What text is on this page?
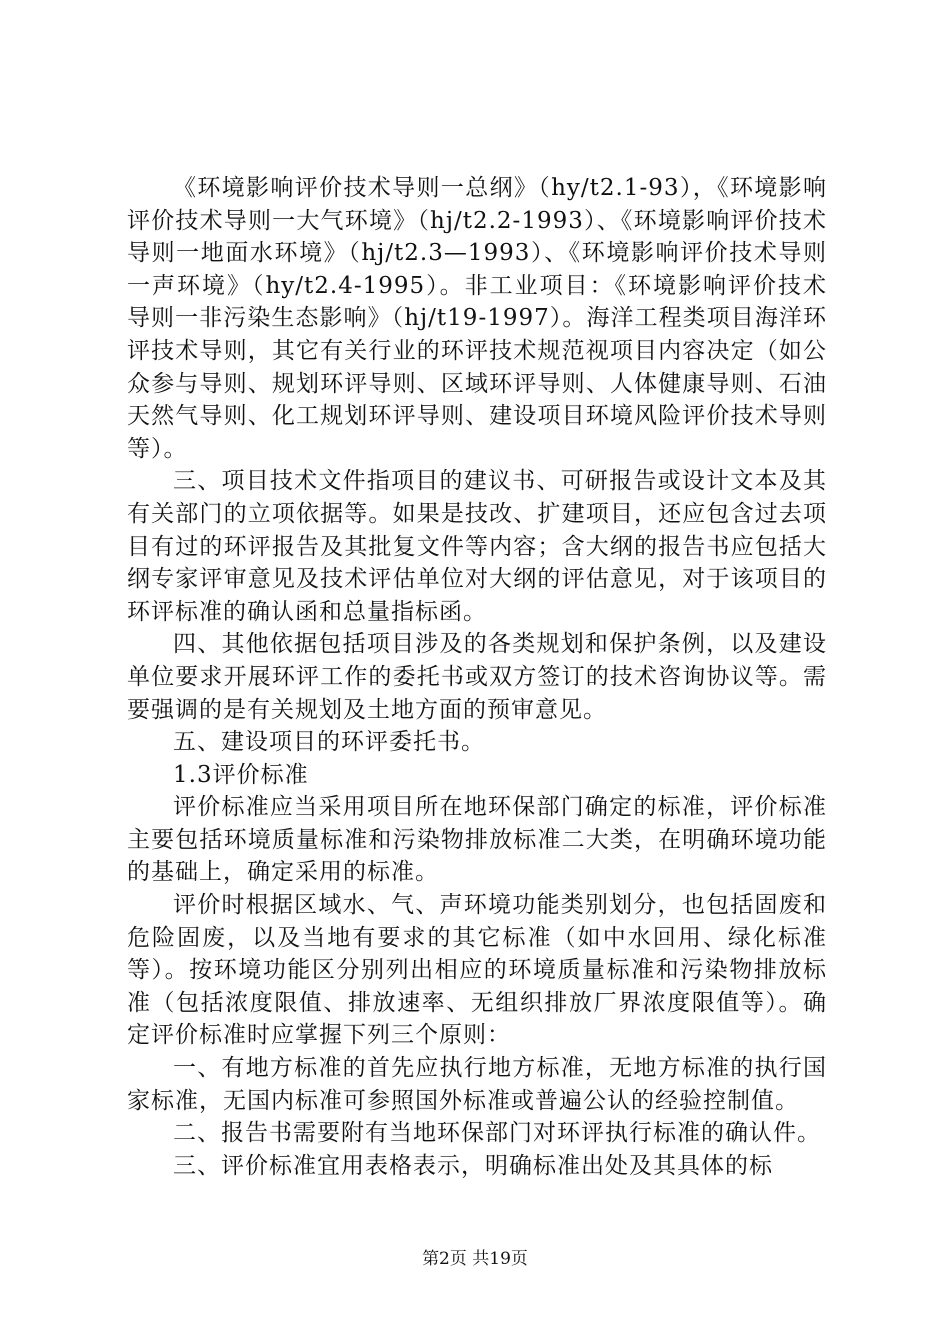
《环境影响评价技术导则一总纲》（hy/t2.1-93），《环境影响评价技术导则一大气环境》（hj/t2.2-1993）、《环境影响评价技术导则一地面水环境》（hj/t2.3—1993）、《环境影响评价技术导则一声环境》（hy/t2.4-1995）。非工业项目：《环境影响评价技术导则一非污染生态影响》（hj/t19-1997）。海洋工程类项目海洋环评技术导则，其它有关行业的环评技术规范视项目内容决定（如公众参与导则、规划环评导则、区域环评导则、人体健康导则、石油天然气导则、化工规划环评导则、建设项目环境风险评价技术导则等）。

三、项目技术文件指项目的建议书、可研报告或设计文本及其有关部门的立项依据等。如果是技改、扩建项目，还应包含过去项目有过的环评报告及其批复文件等内容；含大纲的报告书应包括大纲专家评审意见及技术评估单位对大纲的评估意见，对于该项目的环评标准的确认函和总量指标函。

四、其他依据包括项目涉及的各类规划和保护条例，以及建设单位要求开展环评工作的委托书或双方签订的技术咨询协议等。需要强调的是有关规划及土地方面的预审意见。

五、建设项目的环评委托书。

1.3评价标准

评价标准应当采用项目所在地环保部门确定的标准，评价标准主要包括环境质量标准和污染物排放标准二大类，在明确环境功能的基础上，确定采用的标准。

评价时根据区域水、气、声环境功能类别划分，也包括固废和危险固废，以及当地有要求的其它标准（如中水回用、绿化标准等）。按环境功能区分别列出相应的环境质量标准和污染物排放标准（包括浓度限值、排放速率、无组织排放厂界浓度限值等）。确定评价标准时应掌握下列三个原则：

一、有地方标准的首先应执行地方标准，无地方标准的执行国家标准，无国内标准可参照国外标准或普遍公认的经验控制值。

二、报告书需要附有当地环保部门对环评执行标准的确认件。

三、评价标准宜用表格表示，明确标准出处及其具体的标

第2页 共19页
